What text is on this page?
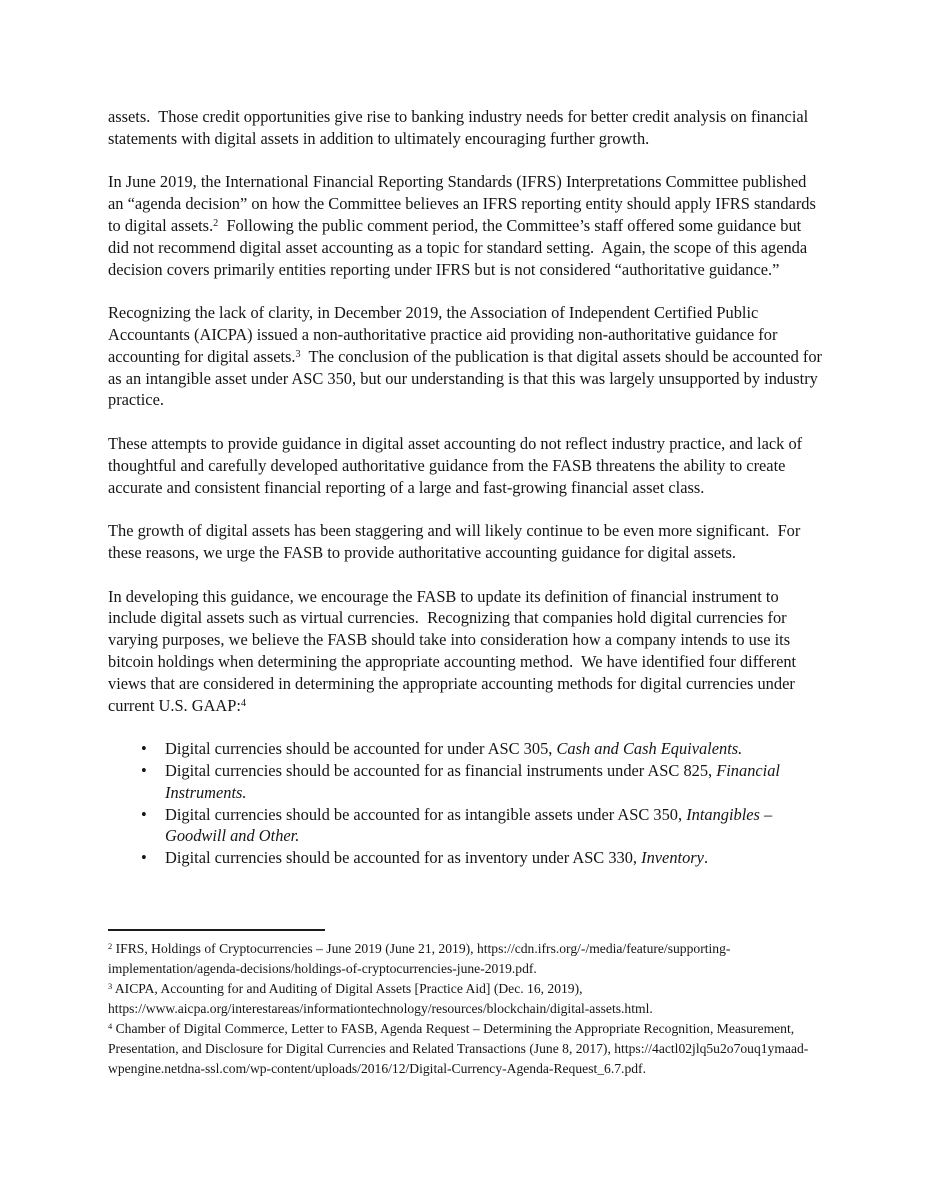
assets.  Those credit opportunities give rise to banking industry needs for better credit analysis on financial statements with digital assets in addition to ultimately encouraging further growth.

In June 2019, the International Financial Reporting Standards (IFRS) Interpretations Committee published an “agenda decision” on how the Committee believes an IFRS reporting entity should apply IFRS standards to digital assets.$^2$  Following the public comment period, the Committee’s staff offered some guidance but did not recommend digital asset accounting as a topic for standard setting.  Again, the scope of this agenda decision covers primarily entities reporting under IFRS but is not considered “authoritative guidance.”

Recognizing the lack of clarity, in December 2019, the Association of Independent Certified Public Accountants (AICPA) issued a non-authoritative practice aid providing non-authoritative guidance for accounting for digital assets.$^3$  The conclusion of the publication is that digital assets should be accounted for as an intangible asset under ASC 350, but our understanding is that this was largely unsupported by industry practice.

These attempts to provide guidance in digital asset accounting do not reflect industry practice, and lack of thoughtful and carefully developed authoritative guidance from the FASB threatens the ability to create accurate and consistent financial reporting of a large and fast-growing financial asset class.

The growth of digital assets has been staggering and will likely continue to be even more significant.  For these reasons, we urge the FASB to provide authoritative accounting guidance for digital assets.

In developing this guidance, we encourage the FASB to update its definition of financial instrument to include digital assets such as virtual currencies.  Recognizing that companies hold digital currencies for varying purposes, we believe the FASB should take into consideration how a company intends to use its bitcoin holdings when determining the appropriate accounting method.  We have identified four different views that are considered in determining the appropriate accounting methods for digital currencies under current U.S. GAAP:$^4$

• Digital currencies should be accounted for under ASC 305, Cash and Cash Equivalents.
• Digital currencies should be accounted for as financial instruments under ASC 825, Financial Instruments.
• Digital currencies should be accounted for as intangible assets under ASC 350, Intangibles – Goodwill and Other.
• Digital currencies should be accounted for as inventory under ASC 330, Inventory.
$^2$ IFRS, Holdings of Cryptocurrencies – June 2019 (June 21, 2019), https://cdn.ifrs.org/-/media/feature/supporting-implementation/agenda-decisions/holdings-of-cryptocurrencies-june-2019.pdf.
$^3$ AICPA, Accounting for and Auditing of Digital Assets [Practice Aid] (Dec. 16, 2019), https://www.aicpa.org/interestareas/informationtechnology/resources/blockchain/digital-assets.html.
$^4$ Chamber of Digital Commerce, Letter to FASB, Agenda Request – Determining the Appropriate Recognition, Measurement, Presentation, and Disclosure for Digital Currencies and Related Transactions (June 8, 2017), https://4actl02jlq5u2o7ouq1ymaad-wpengine.netdna-ssl.com/wp-content/uploads/2016/12/Digital-Currency-Agenda-Request_6.7.pdf.
